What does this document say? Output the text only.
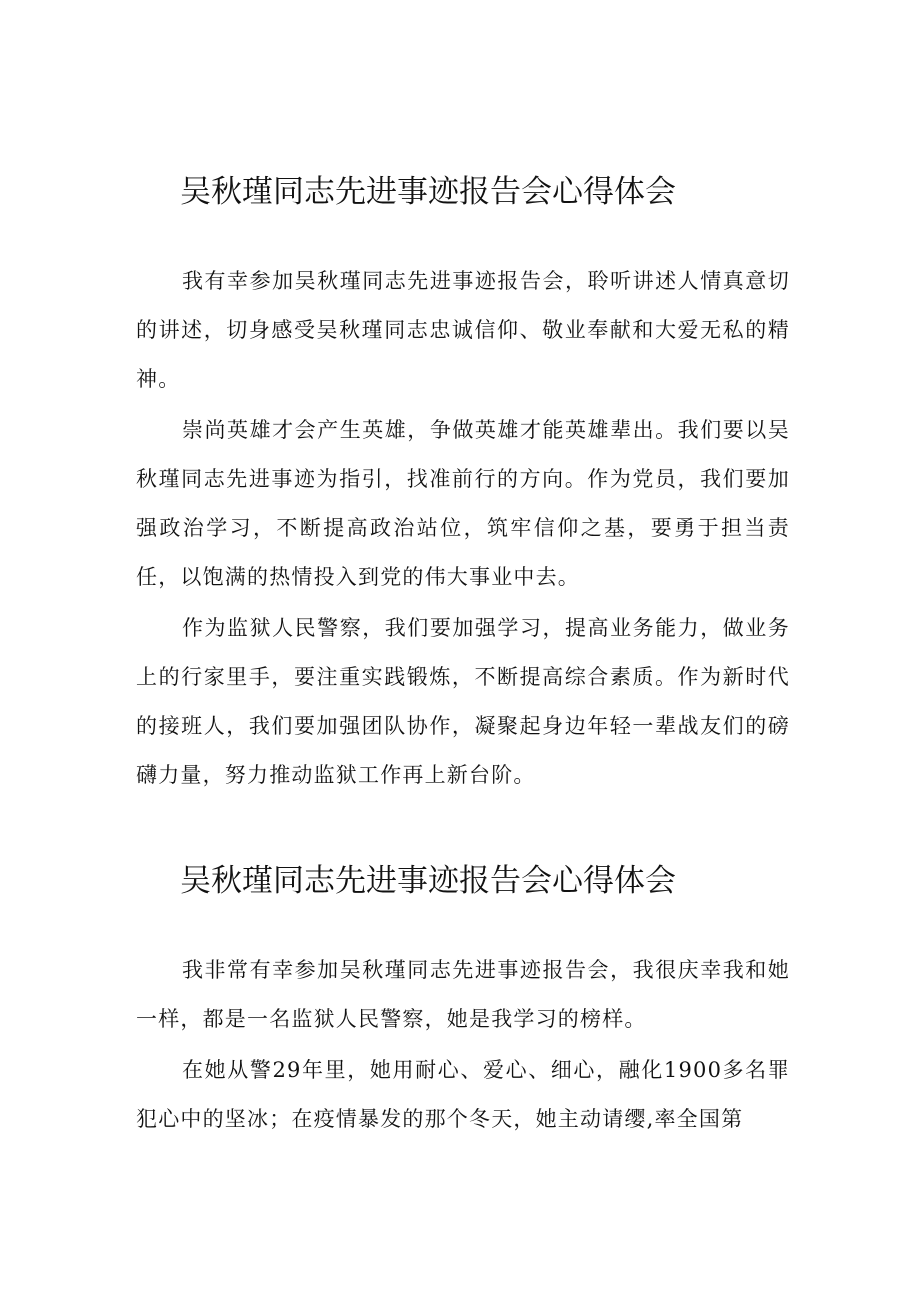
吴秋瑾同志先进事迹报告会心得体会

我有幸参加吴秋瑾同志先进事迹报告会，聆听讲述人情真意切的讲述，切身感受吴秋瑾同志忠诚信仰、敬业奉献和大爱无私的精神。

崇尚英雄才会产生英雄，争做英雄才能英雄辈出。我们要以吴秋瑾同志先进事迹为指引，找准前行的方向。作为党员，我们要加强政治学习，不断提高政治站位，筑牢信仰之基，要勇于担当责任，以饱满的热情投入到党的伟大事业中去。

作为监狱人民警察，我们要加强学习，提高业务能力，做业务上的行家里手，要注重实践锻炼，不断提高综合素质。作为新时代的接班人，我们要加强团队协作，凝聚起身边年轻一辈战友们的磅礴力量，努力推动监狱工作再上新台阶。

吴秋瑾同志先进事迹报告会心得体会

我非常有幸参加吴秋瑾同志先进事迹报告会，我很庆幸我和她一样，都是一名监狱人民警察，她是我学习的榜样。

在她从警29年里，她用耐心、爱心、细心，融化1900多名罪犯心中的坚冰；在疫情暴发的那个冬天，她主动请缨,率全国第
